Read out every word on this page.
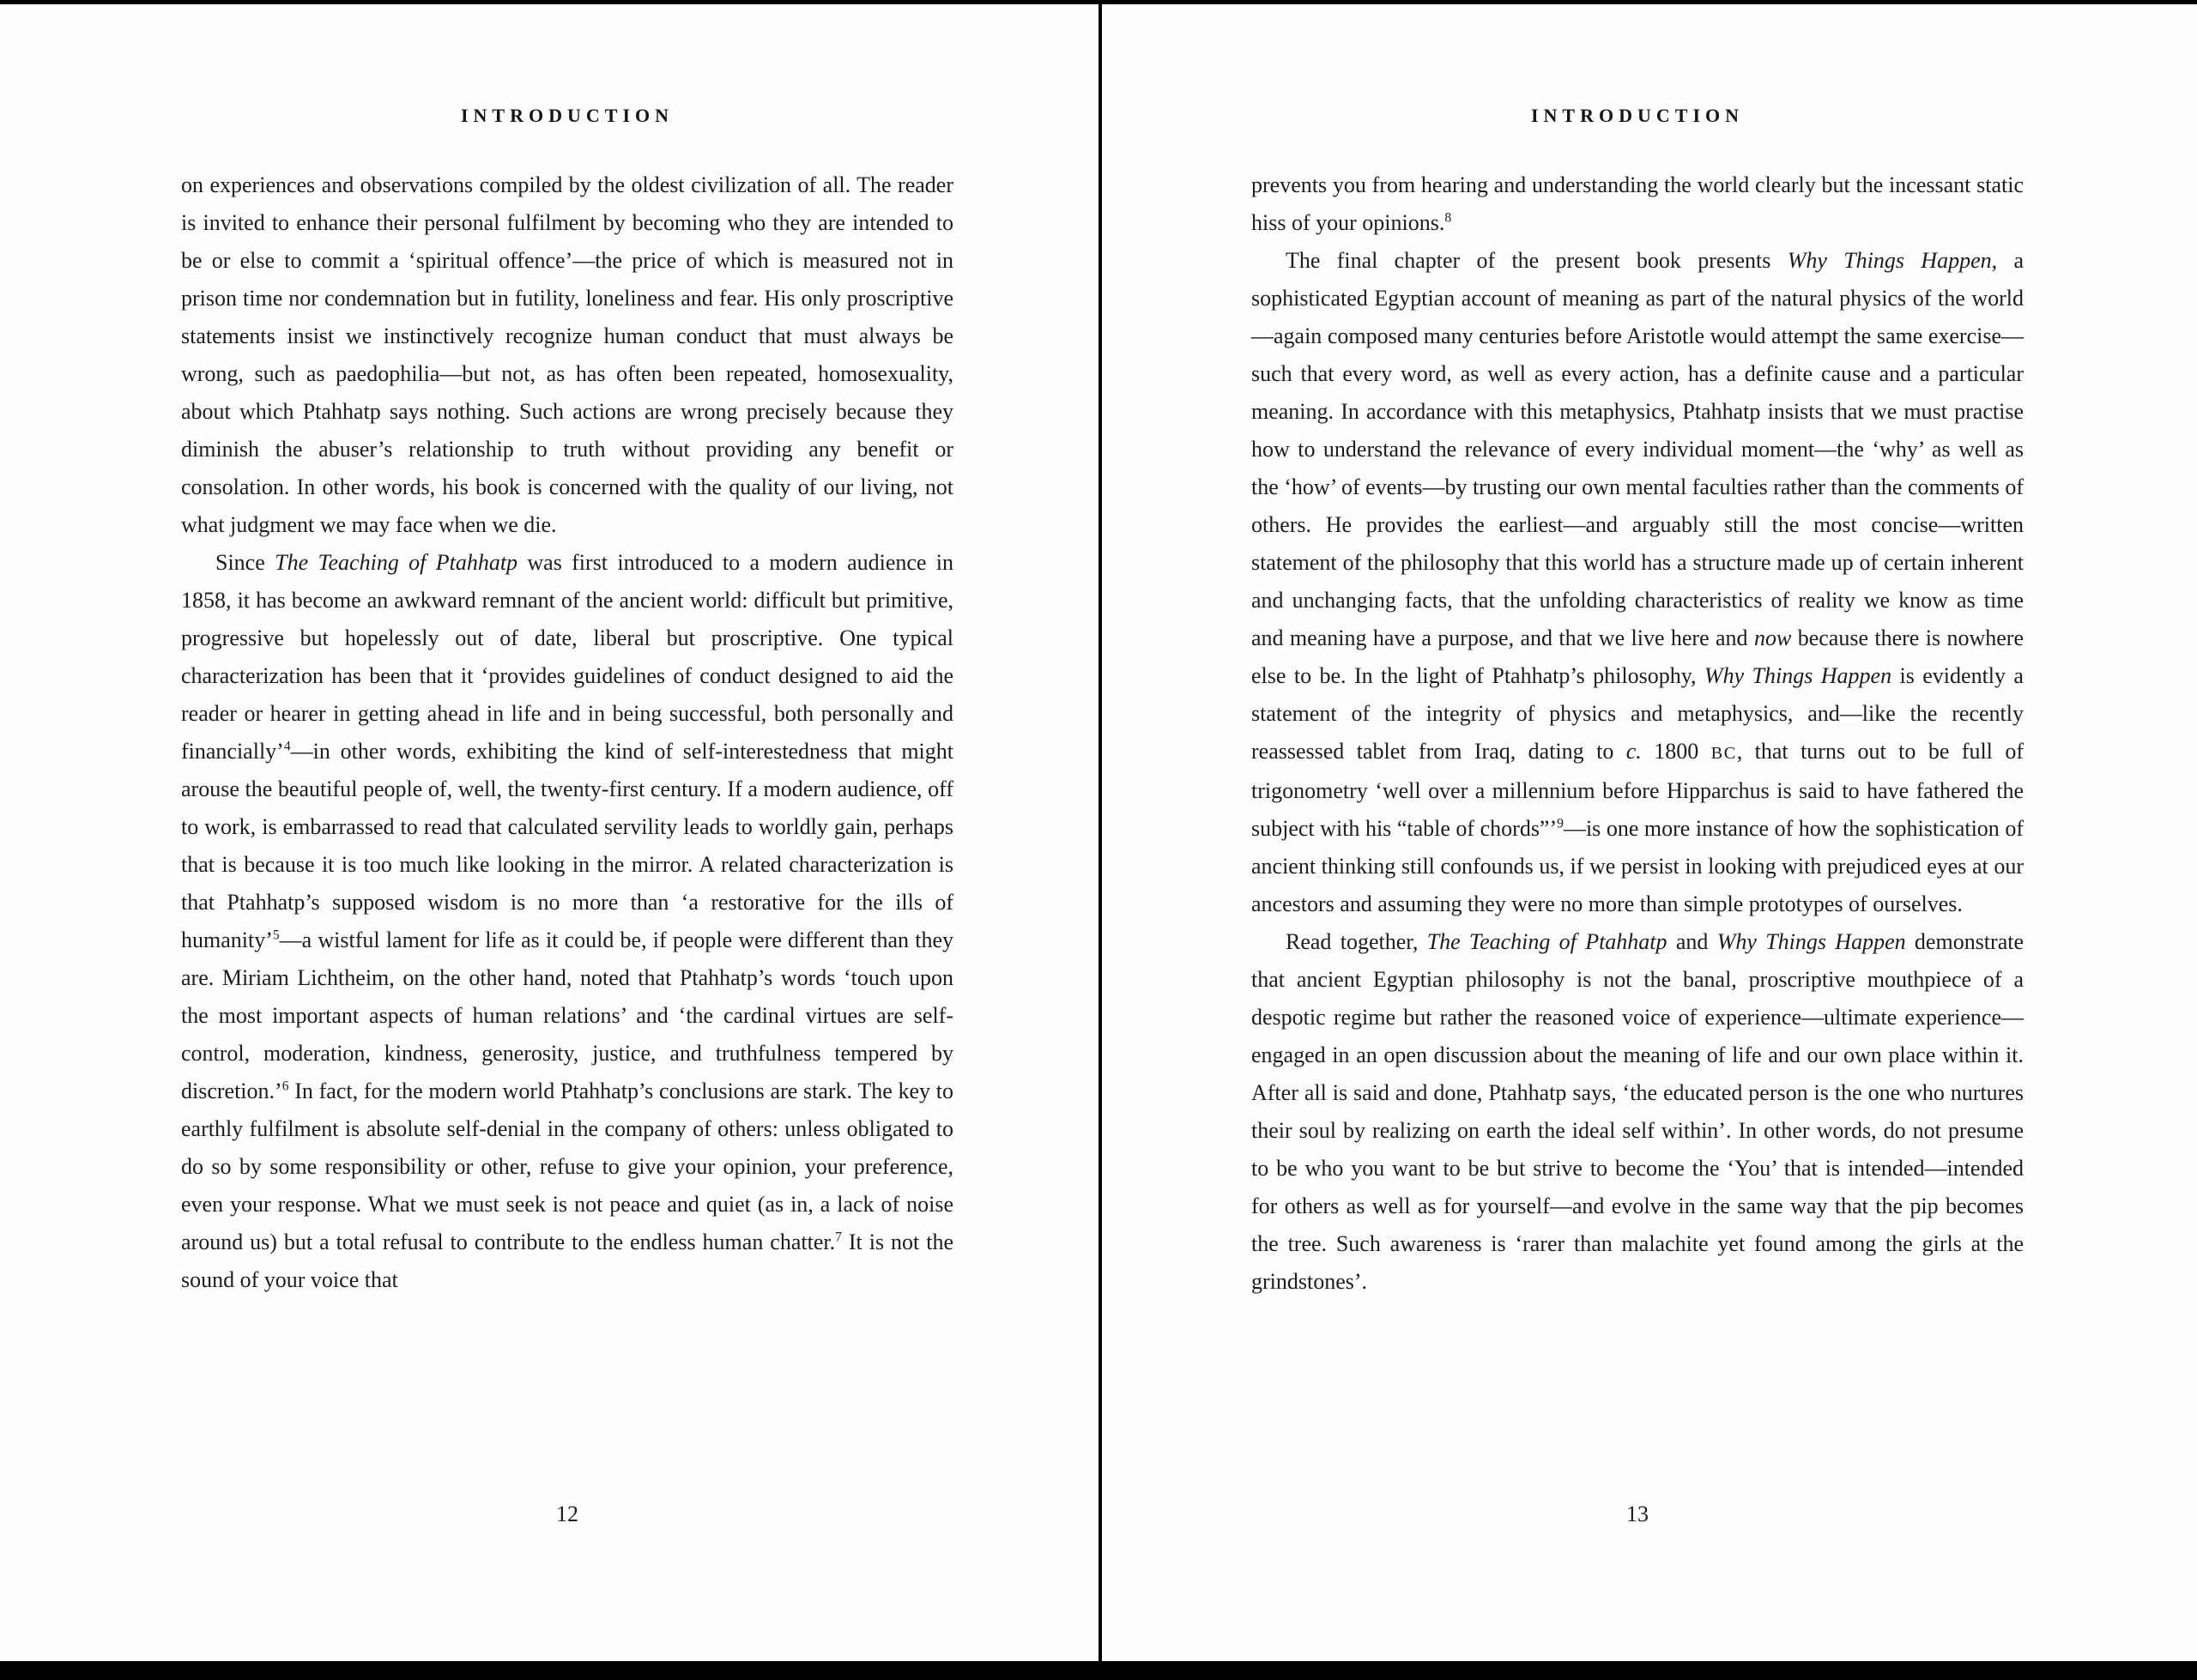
INTRODUCTION

on experiences and observations compiled by the oldest civilization of all. The reader is invited to enhance their personal fulfilment by becoming who they are intended to be or else to commit a ‘spiritual offence’—the price of which is measured not in prison time nor condemnation but in futility, loneliness and fear. His only proscriptive statements insist we instinctively recognize human conduct that must always be wrong, such as paedophilia—but not, as has often been repeated, homosexuality, about which Ptahhatp says nothing. Such actions are wrong precisely because they diminish the abuser’s relationship to truth without providing any benefit or consolation. In other words, his book is concerned with the quality of our living, not what judgment we may face when we die.

Since The Teaching of Ptahhatp was first introduced to a modern audience in 1858, it has become an awkward remnant of the ancient world: difficult but primitive, progressive but hopelessly out of date, liberal but proscriptive. One typical characterization has been that it ‘provides guidelines of conduct designed to aid the reader or hearer in getting ahead in life and in being successful, both personally and financially’$^4$—in other words, exhibiting the kind of self-interestedness that might arouse the beautiful people of, well, the twenty-first century. If a modern audience, off to work, is embarrassed to read that calculated servility leads to worldly gain, perhaps that is because it is too much like looking in the mirror. A related characterization is that Ptahhatp’s supposed wisdom is no more than ‘a restorative for the ills of humanity’$^5$—a wistful lament for life as it could be, if people were different than they are. Miriam Lichtheim, on the other hand, noted that Ptahhatp’s words ‘touch upon the most important aspects of human relations’ and ‘the cardinal virtues are self-control, moderation, kindness, generosity, justice, and truthfulness tempered by discretion.’$^6$ In fact, for the modern world Ptahhatp’s conclusions are stark. The key to earthly fulfilment is absolute self-denial in the company of others: unless obligated to do so by some responsibility or other, refuse to give your opinion, your preference, even your response. What we must seek is not peace and quiet (as in, a lack of noise around us) but a total refusal to contribute to the endless human chatter.$^7$ It is not the sound of your voice that

12
INTRODUCTION

prevents you from hearing and understanding the world clearly but the incessant static hiss of your opinions.$^8$

The final chapter of the present book presents Why Things Happen, a sophisticated Egyptian account of meaning as part of the natural physics of the world—again composed many centuries before Aristotle would attempt the same exercise—such that every word, as well as every action, has a definite cause and a particular meaning. In accordance with this metaphysics, Ptahhatp insists that we must practise how to understand the relevance of every individual moment—the ‘why’ as well as the ‘how’ of events—by trusting our own mental faculties rather than the comments of others. He provides the earliest—and arguably still the most concise—written statement of the philosophy that this world has a structure made up of certain inherent and unchanging facts, that the unfolding characteristics of reality we know as time and meaning have a purpose, and that we live here and now because there is nowhere else to be. In the light of Ptahhatp’s philosophy, Why Things Happen is evidently a statement of the integrity of physics and metaphysics, and—like the recently reassessed tablet from Iraq, dating to c. 1800 BC, that turns out to be full of trigonometry ‘well over a millennium before Hipparchus is said to have fathered the subject with his “table of chords”’$^9$—is one more instance of how the sophistication of ancient thinking still confounds us, if we persist in looking with prejudiced eyes at our ancestors and assuming they were no more than simple prototypes of ourselves.

Read together, The Teaching of Ptahhatp and Why Things Happen demonstrate that ancient Egyptian philosophy is not the banal, proscriptive mouthpiece of a despotic regime but rather the reasoned voice of experience—ultimate experience—engaged in an open discussion about the meaning of life and our own place within it. After all is said and done, Ptahhatp says, ‘the educated person is the one who nurtures their soul by realizing on earth the ideal self within’. In other words, do not presume to be who you want to be but strive to become the ‘You’ that is intended—intended for others as well as for yourself—and evolve in the same way that the pip becomes the tree. Such awareness is ‘rarer than malachite yet found among the girls at the grindstones’.

13
